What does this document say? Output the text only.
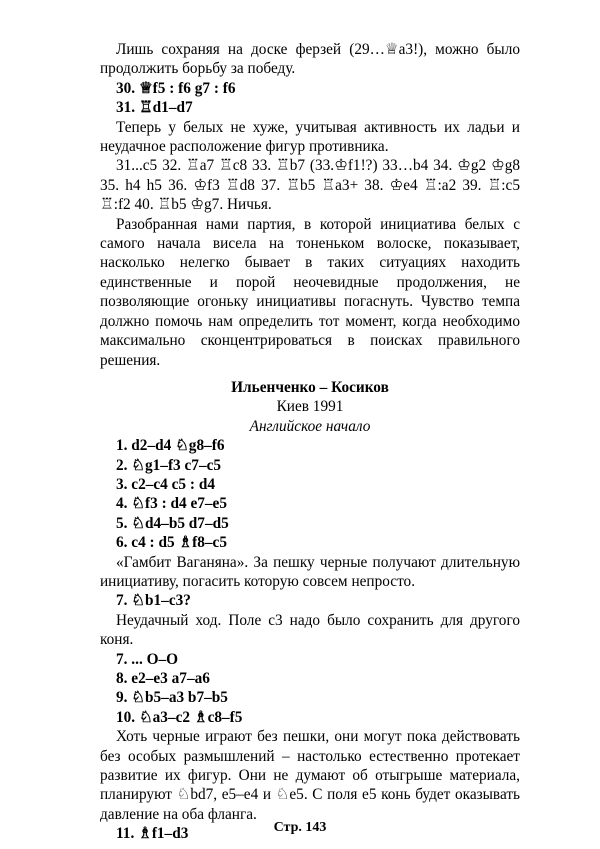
Лишь сохраняя на доске ферзей (29…♕a3!), можно было продолжить борьбу за победу.

30. ♕f5 : f6 g7 : f6

31. ♖d1–d7

Теперь у белых не хуже, учитывая активность их ладьи и неудачное расположение фигур противника.

31...c5 32. ♖a7 ♖c8 33. ♖b7 (33.♔f1!?) 33…b4 34. ♔g2 ♔g8 35. h4 h5 36. ♔f3 ♖d8 37. ♖b5 ♖a3+ 38. ♔e4 ♖:a2 39. ♖:c5 ♖:f2 40. ♖b5 ♔g7. Ничья.

Разобранная нами партия, в которой инициатива белых с самого начала висела на тоненьком волоске, показывает, насколько нелегко бывает в таких ситуациях находить единственные и порой неочевидные продолжения, не позволяющие огоньку инициативы погаснуть. Чувство темпа должно помочь нам определить тот момент, когда необходимо максимально сконцентрироваться в поисках правильного решения.

Ильенченко – Косиков

Киев 1991

Английское начало

1. d2–d4 ♘g8–f6

2. ♘g1–f3 c7–c5

3. c2–c4 c5 : d4

4. ♘f3 : d4 e7–e5

5. ♘d4–b5 d7–d5

6. c4 : d5 ♗f8–c5

«Гамбит Ваганяна». За пешку черные получают длительную инициативу, погасить которую совсем непросто.

7. ♘b1–c3?

Неудачный ход. Поле c3 надо было сохранить для другого коня.

7. ... O–O

8. e2–e3 a7–a6

9. ♘b5–a3 b7–b5

10. ♘a3–c2 ♗c8–f5

Хоть черные играют без пешки, они могут пока действовать без особых размышлений – настолько естественно протекает развитие их фигур. Они не думают об отыгрыше материала, планируют ♘bd7, e5–e4 и ♘e5. С поля e5 конь будет оказывать давление на оба фланга.

11. ♗f1–d3	Стр. 143
